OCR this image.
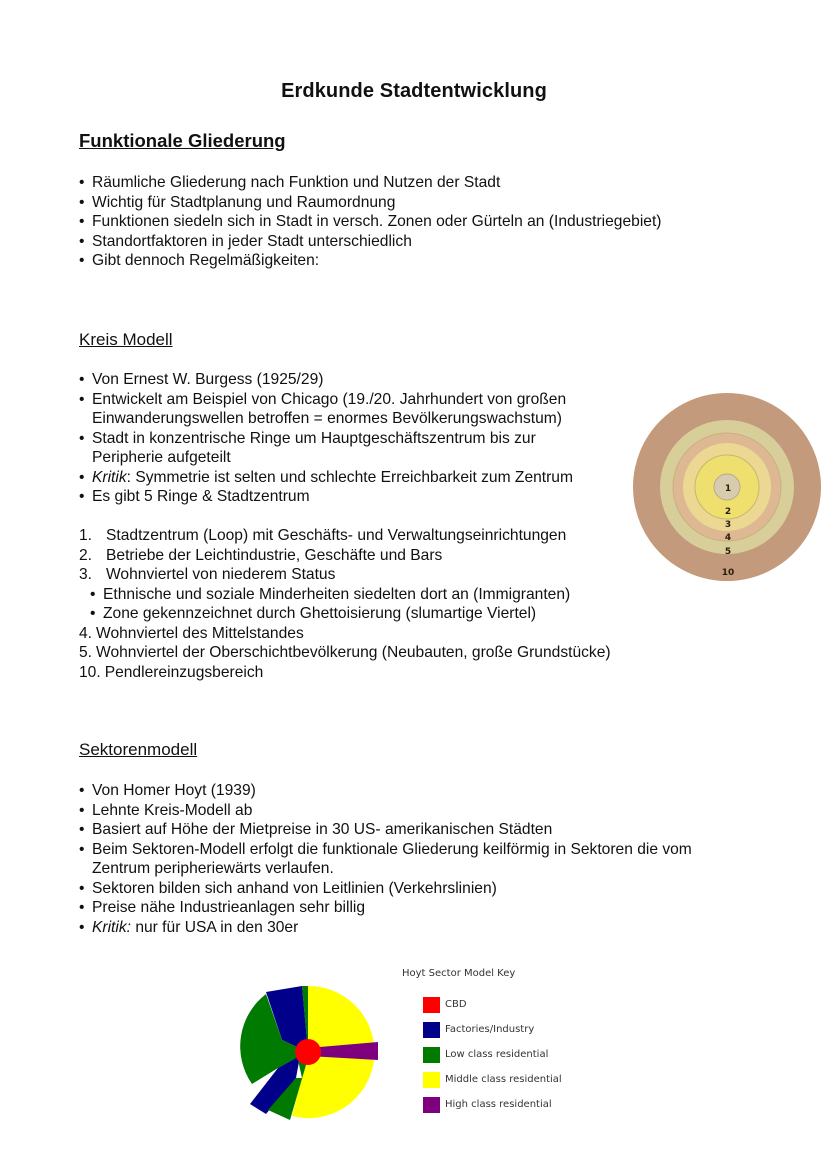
Erdkunde Stadtentwicklung
Funktionale Gliederung
• Räumliche Gliederung nach Funktion und Nutzen der Stadt
• Wichtig für Stadtplanung und Raumordnung
• Funktionen siedeln sich in Stadt in versch. Zonen oder Gürteln an (Industriegebiet)
• Standortfaktoren in jeder Stadt unterschiedlich
• Gibt dennoch Regelmäßigkeiten:
Kreis Modell
• Von Ernest W. Burgess (1925/29)
• Entwickelt am Beispiel von Chicago (19./20. Jahrhundert von großen
Einwanderungswellen betroffen = enormes Bevölkerungswachstum)
• Stadt in konzentrische Ringe um Hauptgeschäftszentrum bis zur
Peripherie aufgeteilt
• Kritik: Symmetrie ist selten und schlechte Erreichbarkeit zum Zentrum
• Es gibt 5 Ringe & Stadtzentrum
1. Stadtzentrum (Loop) mit Geschäfts- und Verwaltungseinrichtungen
2. Betriebe der Leichtindustrie, Geschäfte und Bars
3. Wohnviertel von niederem Status
• Ethnische und soziale Minderheiten siedelten dort an (Immigranten)
• Zone gekennzeichnet durch Ghettoisierung (slumartige Viertel)
4. Wohnviertel des Mittelstandes
5. Wohnviertel der Oberschichtbevölkerung (Neubauten, große Grundstücke)
10. Pendlereinzugsbereich
1
2
3
4
5
10
Sektorenmodell
• Von Homer Hoyt (1939)
• Lehnte Kreis-Modell ab
• Basiert auf Höhe der Mietpreise in 30 US- amerikanischen Städten
• Beim Sektoren-Modell erfolgt die funktionale Gliederung keilförmig in Sektoren die vom
Zentrum peripheriewärts verlaufen.
• Sektoren bilden sich anhand von Leitlinien (Verkehrslinien)
• Preise nähe Industrieanlagen sehr billig
• Kritik: nur für USA in den 30er
Hoyt Sector Model Key
CBD
Factories/Industry
Low class residential
Middle class residential
High class residential
